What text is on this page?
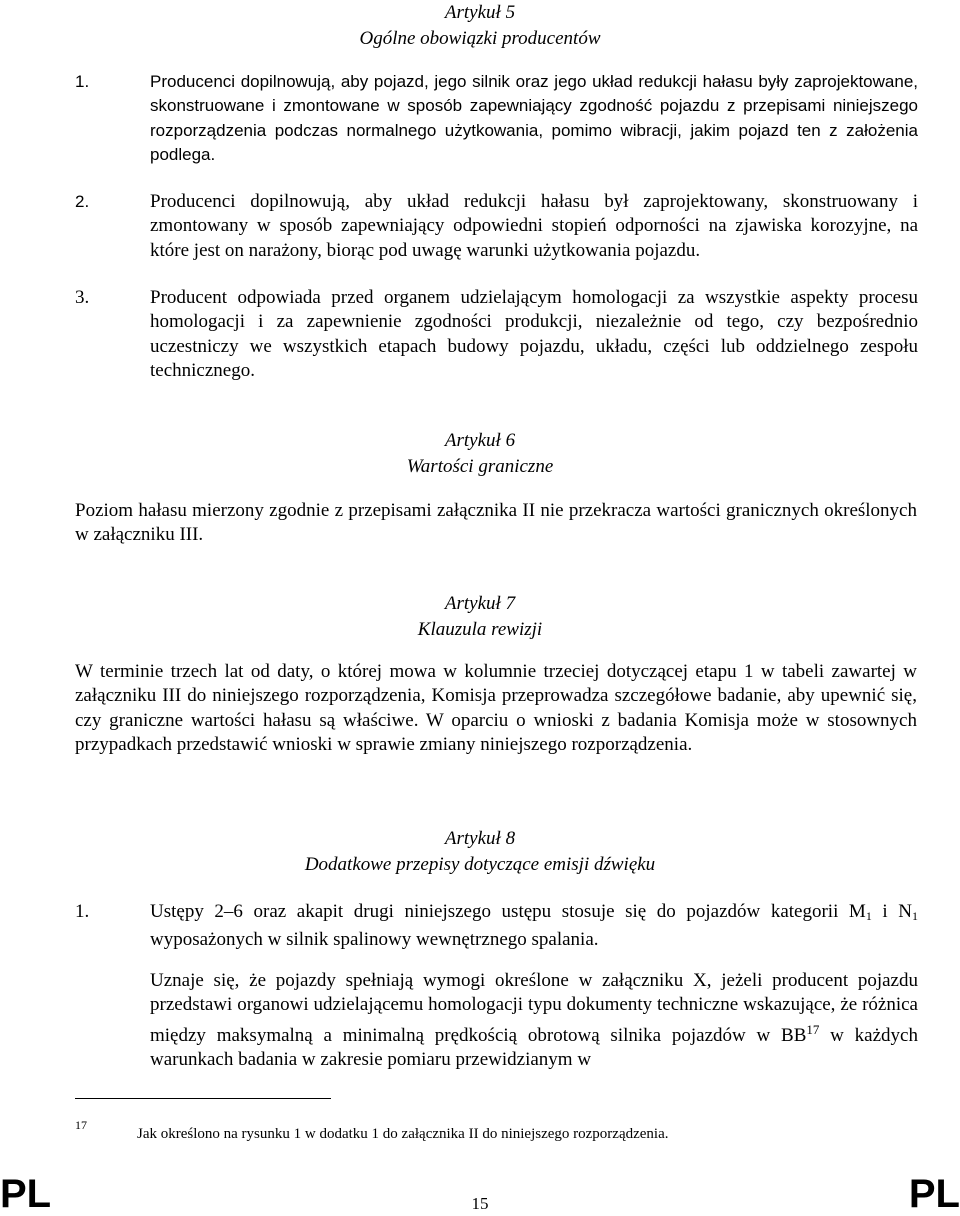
Artykuł 5
Ogólne obowiązki producentów
1.	Producenci dopilnowują, aby pojazd, jego silnik oraz jego układ redukcji hałasu były zaprojektowane, skonstruowane i zmontowane w sposób zapewniający zgodność pojazdu z przepisami niniejszego rozporządzenia podczas normalnego użytkowania, pomimo wibracji, jakim pojazd ten z założenia podlega.
2.	Producenci dopilnowują, aby układ redukcji hałasu był zaprojektowany, skonstruowany i zmontowany w sposób zapewniający odpowiedni stopień odporności na zjawiska korozyjne, na które jest on narażony, biorąc pod uwagę warunki użytkowania pojazdu.
3.	Producent odpowiada przed organem udzielającym homologacji za wszystkie aspekty procesu homologacji i za zapewnienie zgodności produkcji, niezależnie od tego, czy bezpośrednio uczestniczy we wszystkich etapach budowy pojazdu, układu, części lub oddzielnego zespołu technicznego.
Artykuł 6
Wartości graniczne
Poziom hałasu mierzony zgodnie z przepisami załącznika II nie przekracza wartości granicznych określonych w załączniku III.
Artykuł 7
Klauzula rewizji
W terminie trzech lat od daty, o której mowa w kolumnie trzeciej dotyczącej etapu 1 w tabeli zawartej w załączniku III do niniejszego rozporządzenia, Komisja przeprowadza szczegółowe badanie, aby upewnić się, czy graniczne wartości hałasu są właściwe. W oparciu o wnioski z badania Komisja może w stosownych przypadkach przedstawić wnioski w sprawie zmiany niniejszego rozporządzenia.
Artykuł 8
Dodatkowe przepisy dotyczące emisji dźwięku
1.	Ustępy 2–6 oraz akapit drugi niniejszego ustępu stosuje się do pojazdów kategorii $M_1$ i $N_1$ wyposażonych w silnik spalinowy wewnętrznego spalania.
Uznaje się, że pojazdy spełniają wymogi określone w załączniku X, jeżeli producent pojazdu przedstawi organowi udzielającemu homologacji typu dokumenty techniczne wskazujące, że różnica między maksymalną a minimalną prędkością obrotową silnika pojazdów w BB$^{17}$ w każdych warunkach badania w zakresie pomiaru przewidzianym w
17
Jak określono na rysunku 1 w dodatku 1 do załącznika II do niniejszego rozporządzenia.
PL	15	PL
